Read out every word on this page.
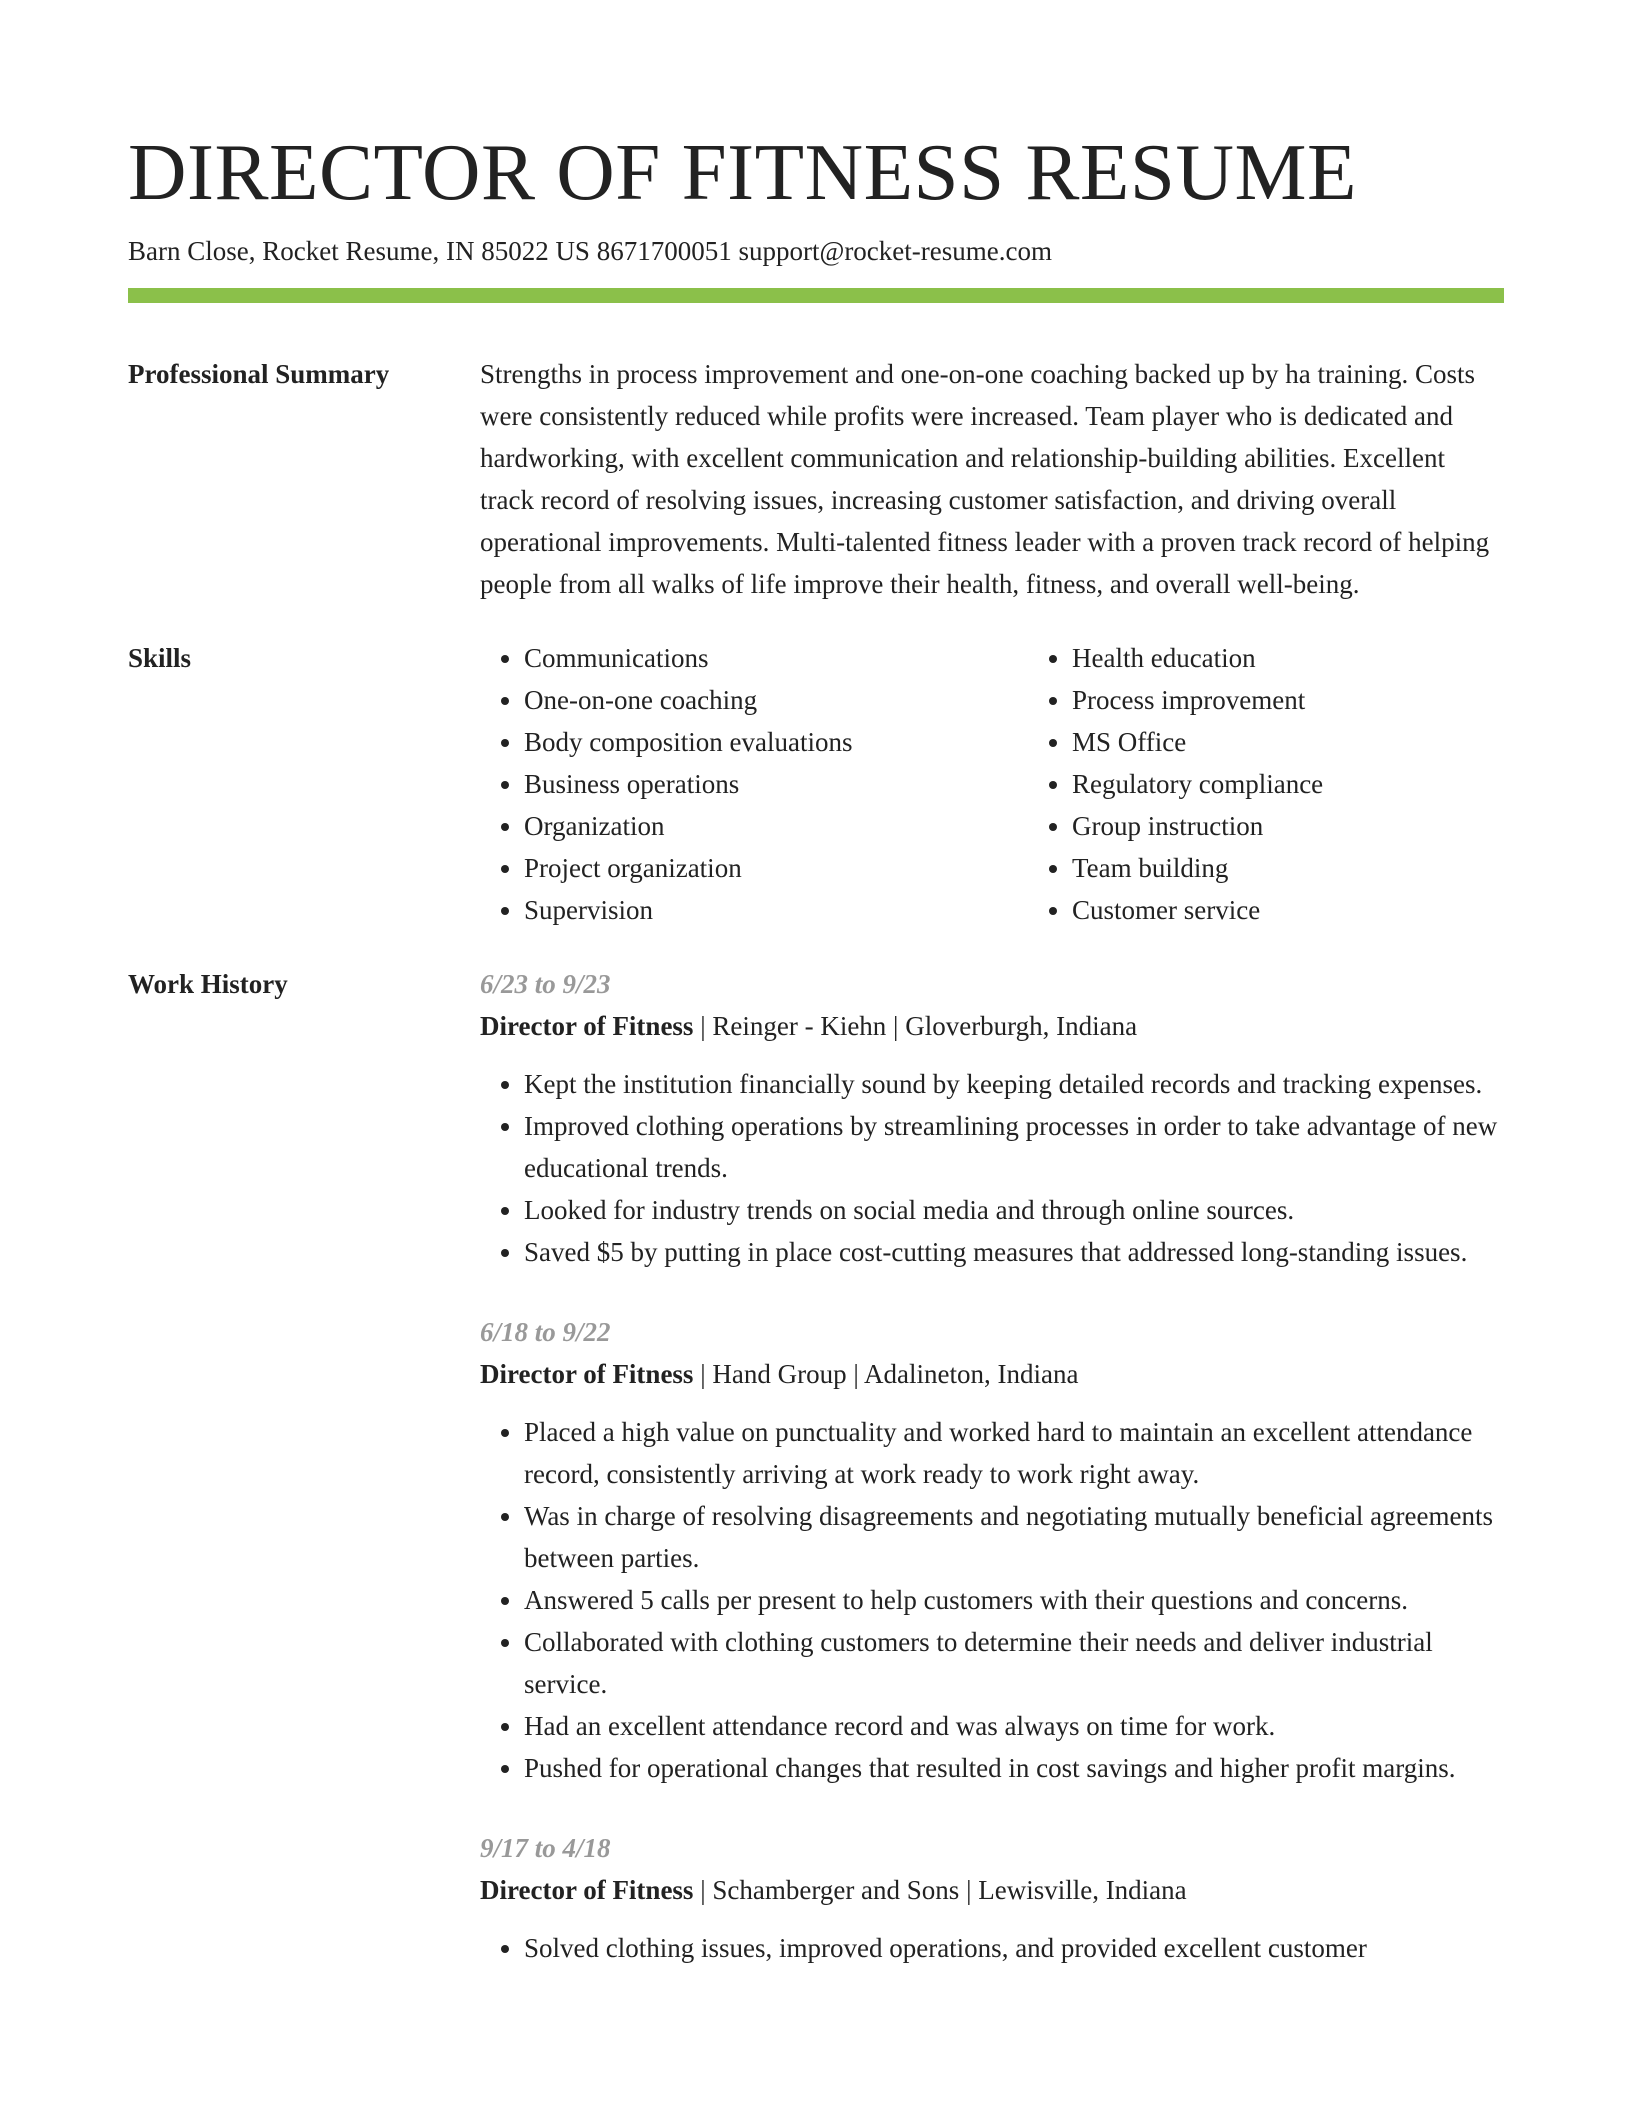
DIRECTOR OF FITNESS RESUME
Barn Close, Rocket Resume, IN 85022 US 8671700051 support@rocket-resume.com
Professional Summary	Strengths in process improvement and one-on-one coaching backed up by ha training. Costs were consistently reduced while profits were increased. Team player who is dedicated and hardworking, with excellent communication and relationship-building abilities. Excellent track record of resolving issues, increasing customer satisfaction, and driving overall operational improvements. Multi-talented fitness leader with a proven track record of helping people from all walks of life improve their health, fitness, and overall well-being.
Skills
•	Communications
• One-on-one coaching
• Body composition evaluations
• Business operations
• Organization
• Project organization
• Supervision
• Health education
• Process improvement
• MS Office
• Regulatory compliance
• Group instruction
• Team building
• Customer service
Work History	6/23 to 9/23
Director of Fitness | Reinger - Kiehn | Gloverburgh, Indiana
• Kept the institution financially sound by keeping detailed records and tracking expenses.
• Improved clothing operations by streamlining processes in order to take advantage of new educational trends.
• Looked for industry trends on social media and through online sources.
• Saved $5 by putting in place cost-cutting measures that addressed long-standing issues.
6/18 to 9/22
Director of Fitness | Hand Group | Adalineton, Indiana
• Placed a high value on punctuality and worked hard to maintain an excellent attendance record, consistently arriving at work ready to work right away.
• Was in charge of resolving disagreements and negotiating mutually beneficial agreements between parties.
• Answered 5 calls per present to help customers with their questions and concerns.
• Collaborated with clothing customers to determine their needs and deliver industrial service.
• Had an excellent attendance record and was always on time for work.
• Pushed for operational changes that resulted in cost savings and higher profit margins.
9/17 to 4/18
Director of Fitness | Schamberger and Sons | Lewisville, Indiana
• Solved clothing issues, improved operations, and provided excellent customer
